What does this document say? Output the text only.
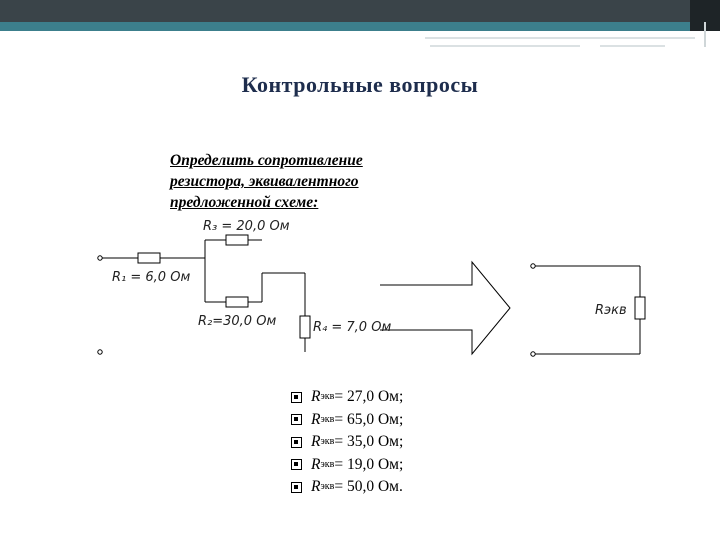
Контрольные вопросы
Определить сопротивление
резистора, эквивалентного
предложенной схеме:
R₃ = 20,0 Ом
R₁ = 6,0 Ом
R₂=30,0 Ом	R₄ = 7,0 Ом
Rэкв
R экв = 27,0 Ом;
R экв = 65,0 Ом;
R экв = 35,0 Ом;
R экв = 19,0 Ом;
R экв = 50,0 Ом.
